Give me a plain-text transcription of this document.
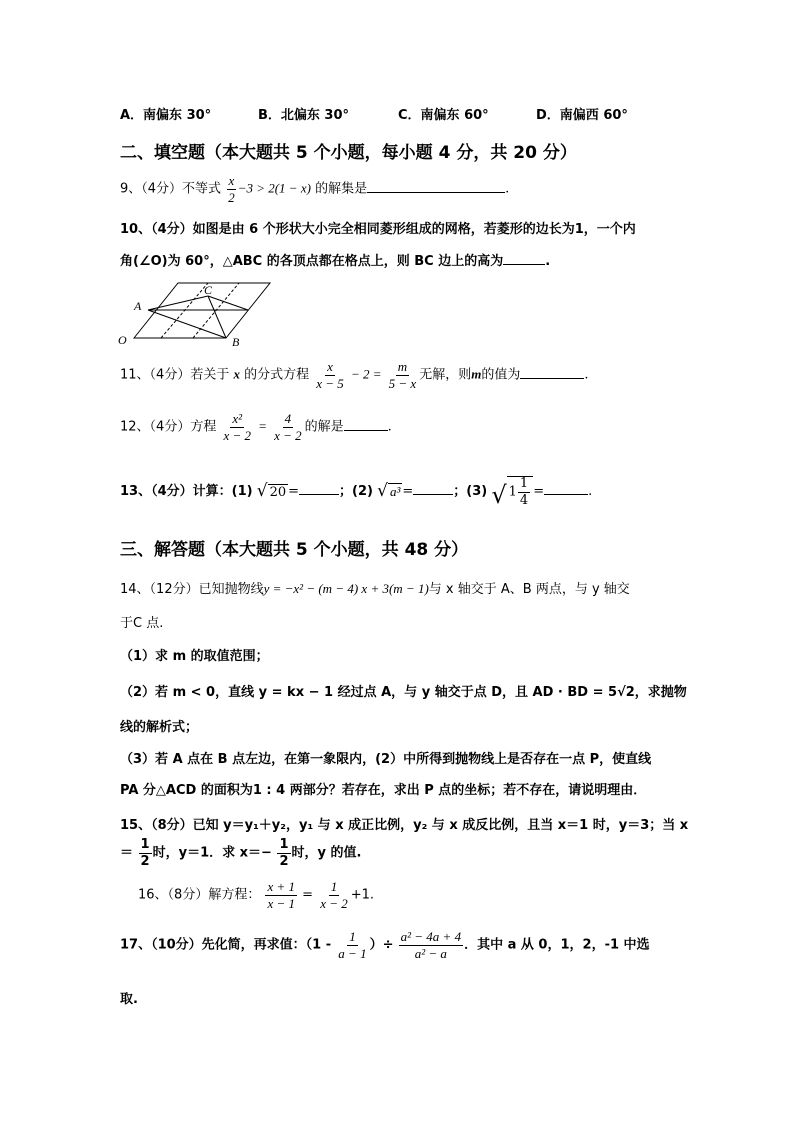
A．南偏东 30°	B．北偏东 30°	C．南偏东 60°	D．南偏西 60°
二、填空题（本大题共 5 个小题，每小题 4 分，共 20 分）
9、（4分）不等式 $\frac{x}{2} -3 > 2(1 - x)$ 的解集是	.
10、（4分）如图是由 6 个形状大小完全相同菱形组成的网格，若菱形的边长为1，一个内
角(∠O)为 60°，△ABC 的各顶点都在格点上，则 BC 边上的高为	.
A
C
O	B
11、（4分）若关于 x 的分式方程 $\frac{x}{x - 5} - 2 = \frac{m}{5 - x}$ 无解，则m的值为	.
12、（4分）方程 $\frac{\text{x²}}{x - 2} = \frac{4}{x - 2}$ 的解是	.
13、（4分）计算：(1) √ 20 =	；(2) √ a³ =	；(3) √ $1 \frac{1}{4}$ =	.
三、解答题（本大题共 5 个小题，共 48 分）
14、（12分）已知抛物线y = −x² − (m − 4) x + 3(m − 1)与 x 轴交于 A、B 两点，与 y 轴交
于C 点.
（1）求 m 的取值范围；
（2）若 m < 0，直线 y = kx − 1 经过点 A，与 y 轴交于点 D，且 AD · BD = 5√2，求抛物
线的解析式；
（3）若 A 点在 B 点左边，在第一象限内，(2）中所得到抛物线上是否存在一点 P，使直线
PA 分△ACD 的面积为1 : 4 两部分？若存在，求出 P 点的坐标；若不存在，请说明理由．
15、（8分）已知 y＝y₁＋y₂，y₁ 与 x 成正比例，y₂ 与 x 成反比例，且当 x＝1 时，y＝3；当 x
＝ $\frac{1}{2}$ 时，y＝1．求 $x=- \frac{1}{2}$ 时，y 的值.
16、（8分）解方程： $\frac{x + 1}{x - 1} = \frac{1}{x - 2} +1$.
17、（10分）先化简，再求值：（$1 - \frac{1}{a - 1}$ ）÷ $\frac{\text{a² − 4a + 4}}{\text{a² − a}}$ ．其中 a 从 0，1，2，-1 中选
取.
